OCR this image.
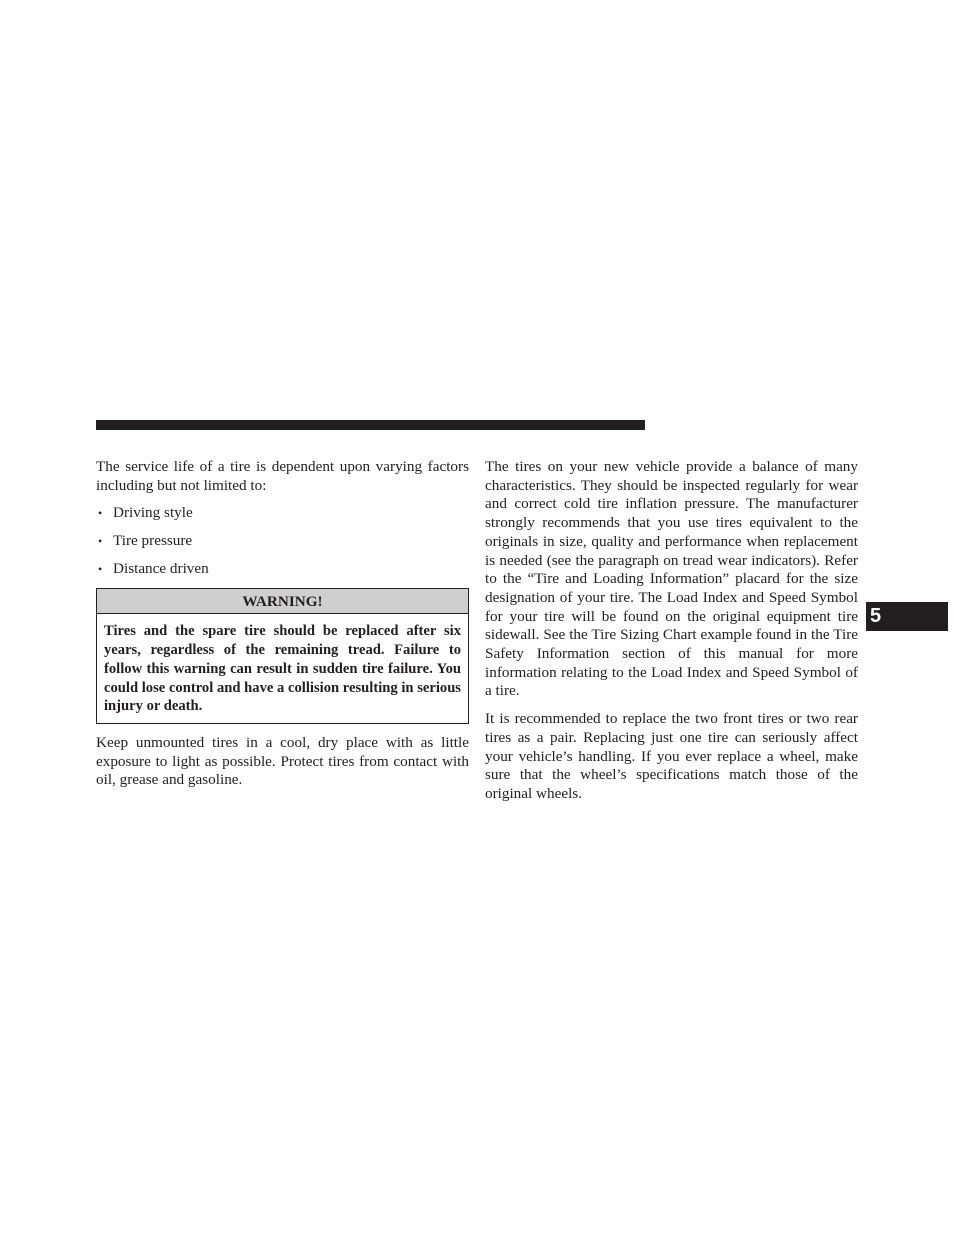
The service life of a tire is dependent upon varying factors including but not limited to:

• Driving style
• Tire pressure
• Distance driven
WARNING!
Tires and the spare tire should be replaced after six years, regardless of the remaining tread. Failure to follow this warning can result in sudden tire failure. You could lose control and have a collision resulting in serious injury or death.

Keep unmounted tires in a cool, dry place with as little exposure to light as possible. Protect tires from contact with oil, grease and gasoline.

The tires on your new vehicle provide a balance of many characteristics. They should be inspected regularly for wear and correct cold tire inflation pressure. The manufacturer strongly recommends that you use tires equivalent to the originals in size, quality and performance when replacement is needed (see the paragraph on tread wear indicators). Refer to the “Tire and Loading Information” placard for the size designation of your tire. The Load Index and Speed Symbol for your tire will be found on the original equipment tire sidewall. See the Tire Sizing Chart example found in the Tire Safety Information section of this manual for more information relating to the Load Index and Speed Symbol of a tire.

It is recommended to replace the two front tires or two rear tires as a pair. Replacing just one tire can seriously affect your vehicle’s handling. If you ever replace a wheel, make sure that the wheel’s specifications match those of the original wheels.

5
